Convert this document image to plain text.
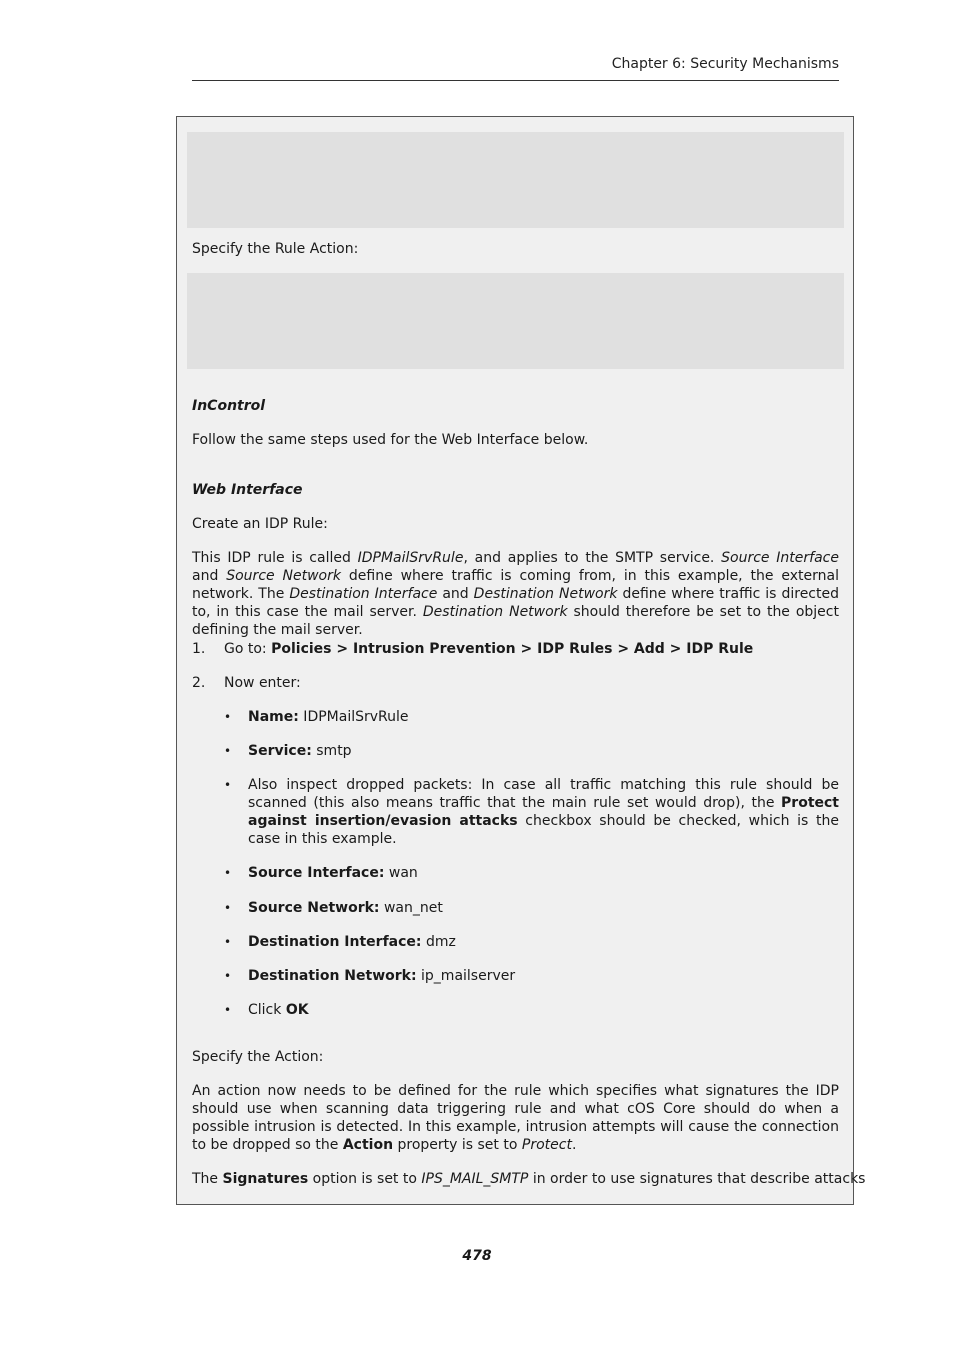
Chapter 6: Security Mechanisms
Specify the Rule Action:
InControl
Follow the same steps used for the Web Interface below.
Web Interface
Create an IDP Rule:
This IDP rule is called IDPMailSrvRule, and applies to the SMTP service. Source Interface and Source Network define where traffic is coming from, in this example, the external network. The Destination Interface and Destination Network define where traffic is directed to, in this case the mail server. Destination Network should therefore be set to the object defining the mail server.
1. Go to: Policies > Intrusion Prevention > IDP Rules > Add > IDP Rule
2. Now enter:
• Name: IDPMailSrvRule
• Service: smtp
• Also inspect dropped packets: In case all traffic matching this rule should be scanned (this also means traffic that the main rule set would drop), the Protect against insertion/evasion attacks checkbox should be checked, which is the case in this example.
• Source Interface: wan
• Source Network: wan_net
• Destination Interface: dmz
• Destination Network: ip_mailserver
• Click OK
Specify the Action:
An action now needs to be defined for the rule which specifies what signatures the IDP should use when scanning data triggering rule and what cOS Core should do when a possible intrusion is detected. In this example, intrusion attempts will cause the connection to be dropped so the Action property is set to Protect.
The Signatures option is set to IPS_MAIL_SMTP in order to use signatures that describe attacks
478
